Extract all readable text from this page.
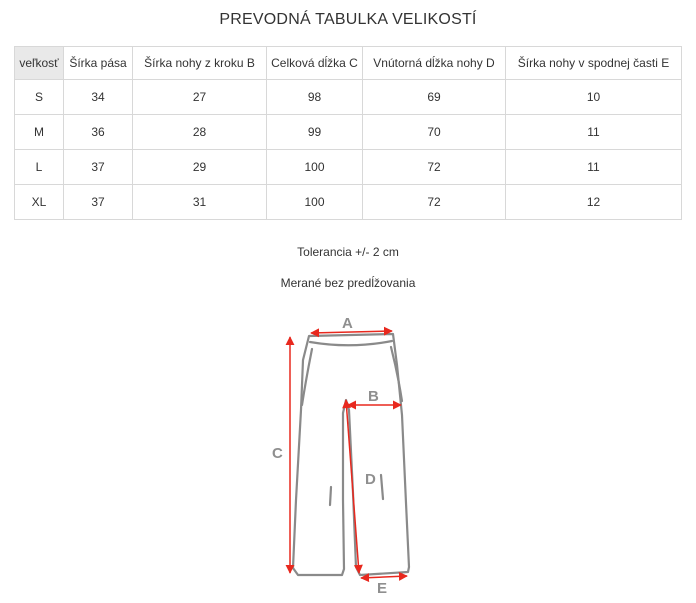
PREVODNÁ TABULKA VELIKOSTÍ
veľkosť	Šírka pása	Šírka nohy z kroku B	Celková dĺžka C	Vnútorná dĺžka nohy D	Šírka nohy v spodnej časti E
S	34	27	98	69	10
M	36	28	99	70	11
L	37	29	100	72	11
XL	37	31	100	72	12
Tolerancia +/- 2 cm
Merané bez predĺžovania
A
B
C
D
E
